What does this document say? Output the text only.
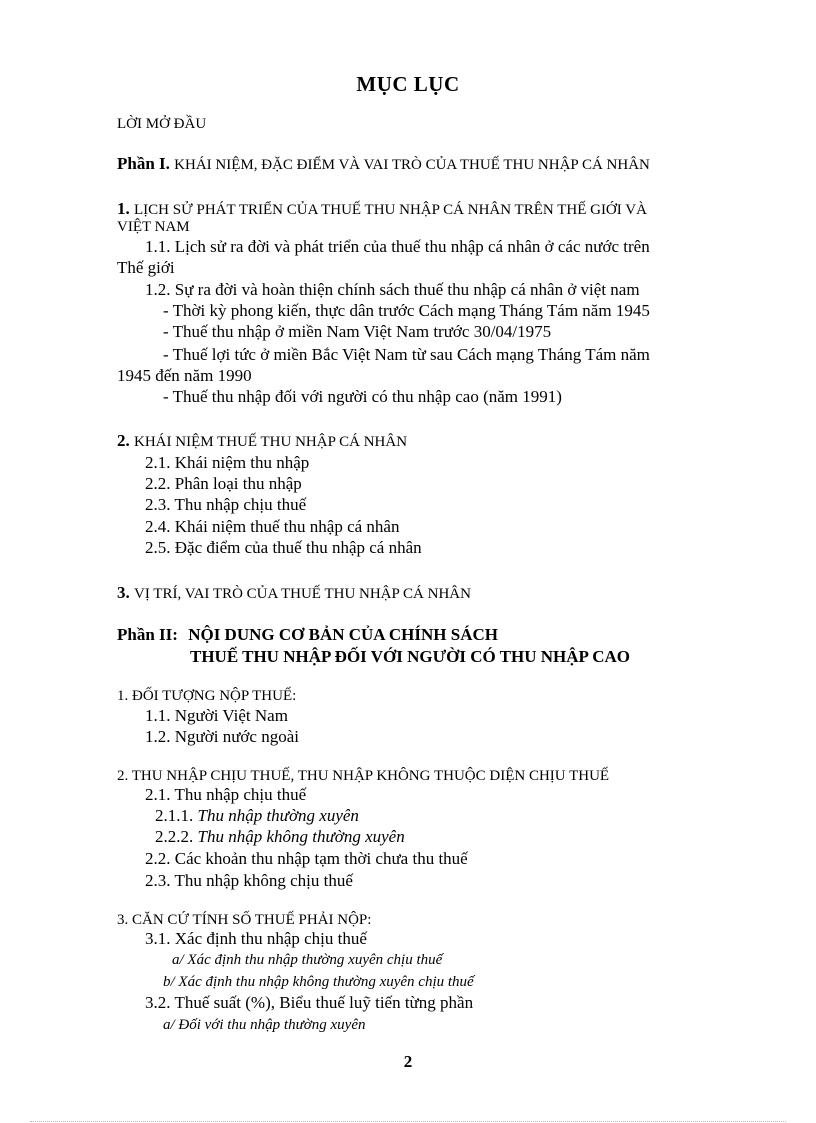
MỤC LỤC
LỜI MỞ ĐẦU
Phần I. KHÁI NIỆM, ĐẶC ĐIỂM VÀ VAI TRÒ CỦA THUẾ THU NHẬP CÁ NHÂN
1. LỊCH SỬ PHÁT TRIỂN CỦA THUẾ THU NHẬP CÁ NHÂN TRÊN THẾ GIỚI VÀ
VIỆT NAM
1.1. Lịch sử ra đời và phát triển của thuế thu nhập cá nhân ở các nước trên
Thế giới
1.2. Sự ra đời và hoàn thiện chính sách thuế thu nhập cá nhân ở việt nam
- Thời kỳ phong kiến, thực dân trước Cách mạng Tháng Tám năm 1945
- Thuế thu nhập ở miền Nam Việt Nam trước 30/04/1975
- Thuế lợi tức ở miền Bắc Việt Nam từ sau Cách mạng Tháng Tám năm
1945 đến năm 1990
- Thuế thu nhập đối với người có thu nhập cao (năm 1991)
2. KHÁI NIỆM THUẾ THU NHẬP CÁ NHÂN
2.1. Khái niệm thu nhập
2.2. Phân loại thu nhập
2.3. Thu nhập chịu thuế
2.4. Khái niệm thuế thu nhập cá nhân
2.5. Đặc điểm của thuế thu nhập cá nhân
3. VỊ TRÍ, VAI TRÒ CỦA THUẾ THU NHẬP CÁ NHÂN
Phần II: NỘI DUNG CƠ BẢN CỦA CHÍNH SÁCH
THUẾ THU NHẬP ĐỐI VỚI NGƯỜI CÓ THU NHẬP CAO
1. ĐỐI TƯỢNG NỘP THUẾ:
1.1. Người Việt Nam
1.2. Người nước ngoài
2. THU NHẬP CHỊU THUẾ, THU NHẬP KHÔNG THUỘC DIỆN CHỊU THUẾ
2.1. Thu nhập chịu thuế
2.1.1. Thu nhập thường xuyên
2.2.2. Thu nhập không thường xuyên
2.2. Các khoản thu nhập tạm thời chưa thu thuế
2.3. Thu nhập không chịu thuế
3. CĂN CỨ TÍNH SỐ THUẾ PHẢI NỘP:
3.1. Xác định thu nhập chịu thuế
a/ Xác định thu nhập thường xuyên chịu thuế
b/ Xác định thu nhập không thường xuyên chịu thuế
3.2. Thuế suất (%), Biểu thuế luỹ tiến từng phần
a/ Đối với thu nhập thường xuyên
2
